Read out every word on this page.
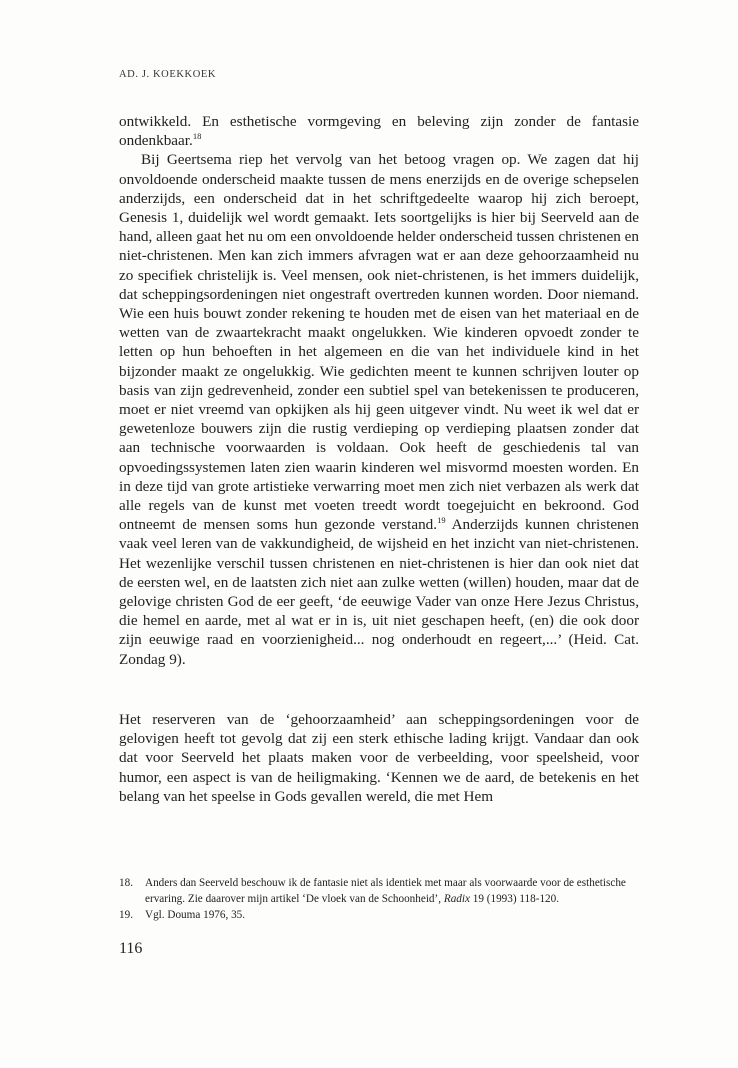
AD. J. KOEKKOEK

ontwikkeld. En esthetische vormgeving en beleving zijn zonder de fantasie ondenkbaar.$^{18}$

Bij Geertsema riep het vervolg van het betoog vragen op. We zagen dat hij onvoldoende onderscheid maakte tussen de mens enerzijds en de overige schepselen anderzijds, een onderscheid dat in het schriftgedeelte waarop hij zich beroept, Genesis 1, duidelijk wel wordt gemaakt. Iets soortgelijks is hier bij Seerveld aan de hand, alleen gaat het nu om een onvoldoende helder onderscheid tussen christenen en niet-christenen. Men kan zich immers afvragen wat er aan deze gehoorzaamheid nu zo specifiek christelijk is. Veel mensen, ook niet-christenen, is het immers duidelijk, dat scheppingsordeningen niet ongestraft overtreden kunnen worden. Door niemand. Wie een huis bouwt zonder rekening te houden met de eisen van het materiaal en de wetten van de zwaartekracht maakt ongelukken. Wie kinderen opvoedt zonder te letten op hun behoeften in het algemeen en die van het individuele kind in het bijzonder maakt ze ongelukkig. Wie gedichten meent te kunnen schrijven louter op basis van zijn gedrevenheid, zonder een subtiel spel van betekenissen te produceren, moet er niet vreemd van opkijken als hij geen uitgever vindt. Nu weet ik wel dat er gewetenloze bouwers zijn die rustig verdieping op verdieping plaatsen zonder dat aan technische voorwaarden is voldaan. Ook heeft de geschiedenis tal van opvoedingssystemen laten zien waarin kinderen wel misvormd moesten worden. En in deze tijd van grote artistieke verwarring moet men zich niet verbazen als werk dat alle regels van de kunst met voeten treedt wordt toegejuicht en bekroond. God ontneemt de mensen soms hun gezonde verstand.$^{19}$ Anderzijds kunnen christenen vaak veel leren van de vakkundigheid, de wijsheid en het inzicht van niet-christenen. Het wezenlijke verschil tussen christenen en niet-christenen is hier dan ook niet dat de eersten wel, en de laatsten zich niet aan zulke wetten (willen) houden, maar dat de gelovige christen God de eer geeft, ‘de eeuwige Vader van onze Here Jezus Christus, die hemel en aarde, met al wat er in is, uit niet geschapen heeft, (en) die ook door zijn eeuwige raad en voorzienigheid... nog onderhoudt en regeert,...’ (Heid. Cat. Zondag 9).

Het reserveren van de ‘gehoorzaamheid’ aan scheppingsordeningen voor de gelovigen heeft tot gevolg dat zij een sterk ethische lading krijgt. Vandaar dan ook dat voor Seerveld het plaats maken voor de verbeelding, voor speelsheid, voor humor, een aspect is van de heiligmaking. ‘Kennen we de aard, de betekenis en het belang van het speelse in Gods gevallen wereld, die met Hem

18.	Anders dan Seerveld beschouw ik de fantasie niet als identiek met maar als voorwaarde voor de esthetische ervaring. Zie daarover mijn artikel ‘De vloek van de Schoonheid’, Radix 19 (1993) 118-120.
19.	Vgl. Douma 1976, 35.
116
